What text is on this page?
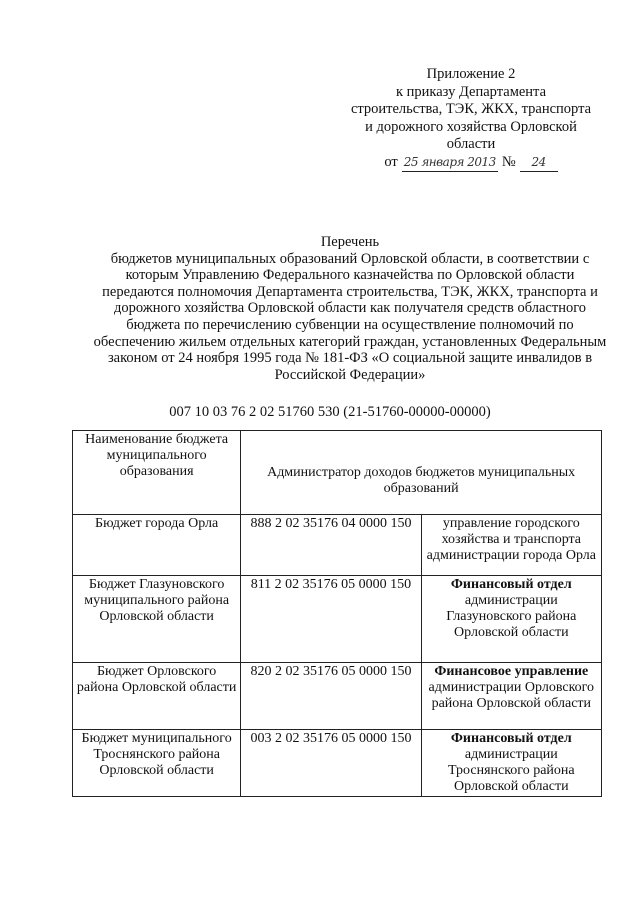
Приложение 2
к приказу Департамента
строительства, ТЭК, ЖКХ, транспорта
и дорожного хозяйства Орловской
области
от 25 января 2013 №	24
Перечень
бюджетов муниципальных образований Орловской области, в соответствии с которым Управлению Федерального казначейства по Орловской области передаются полномочия Департамента строительства, ТЭК, ЖКХ, транспорта и дорожного хозяйства Орловской области как получателя средств областного бюджета по перечислению субвенции на осуществление полномочий по обеспечению жильем отдельных категорий граждан, установленных Федеральным законом от 24 ноября 1995 года № 181-ФЗ «О социальной защите инвалидов в Российской Федерации»
007 10 03 76 2 02 51760 530 (21-51760-00000-00000)
Наименование бюджета муниципального образования	Администратор доходов бюджетов муниципальных образований	
Бюджет города Орла	888 2 02 35176 04 0000 150	управление городского хозяйства и транспорта администрации города Орла
Бюджет Глазуновского муниципального района Орловской области	811 2 02 35176 05 0000 150	Финансовый отдел администрации Глазуновского района Орловской области
Бюджет Орловского района Орловской области	820 2 02 35176 05 0000 150	Финансовое управление администрации Орловского района Орловской области
Бюджет муниципального Троснянского района Орловской области	003 2 02 35176 05 0000 150	Финансовый отдел администрации Троснянского района Орловской области
